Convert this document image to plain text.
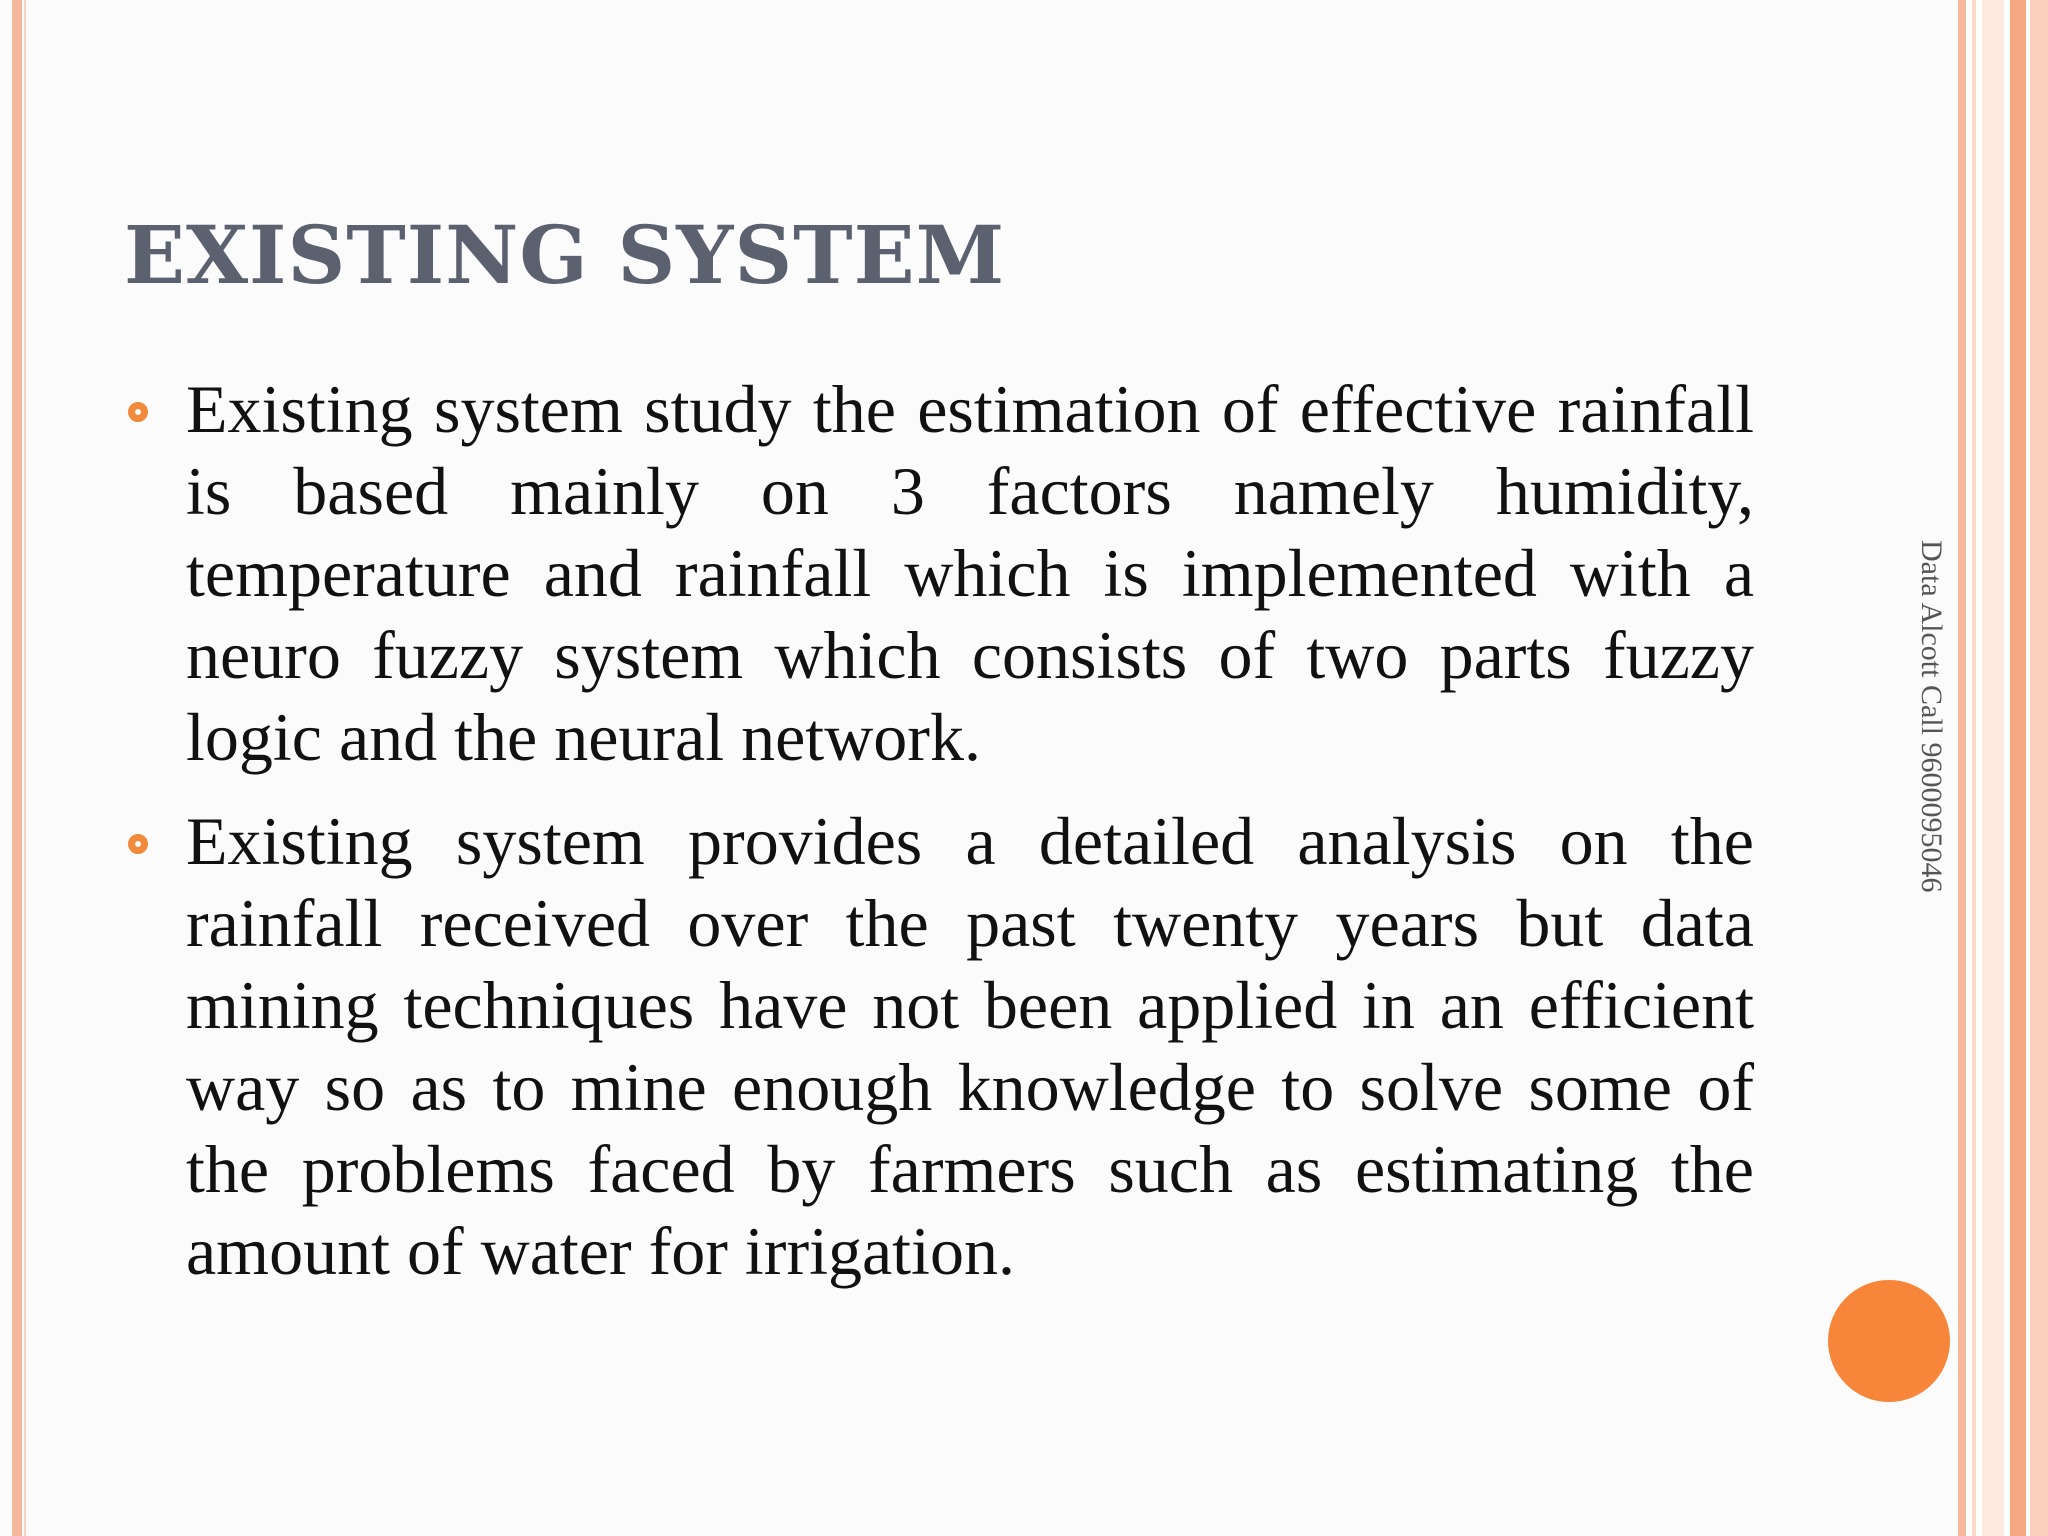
EXISTING SYSTEM
Existing system study the estimation of effective rainfall is based mainly on 3 factors namely humidity, temperature and rainfall which is implemented with a neuro fuzzy system which consists of two parts fuzzy logic and the neural network.
Existing system provides a detailed analysis on the rainfall received over the past twenty years but data mining techniques have not been applied in an efficient way so as to mine enough knowledge to solve some of the problems faced by farmers such as estimating the amount of water for irrigation.
Data Alcott Call 9600095046
